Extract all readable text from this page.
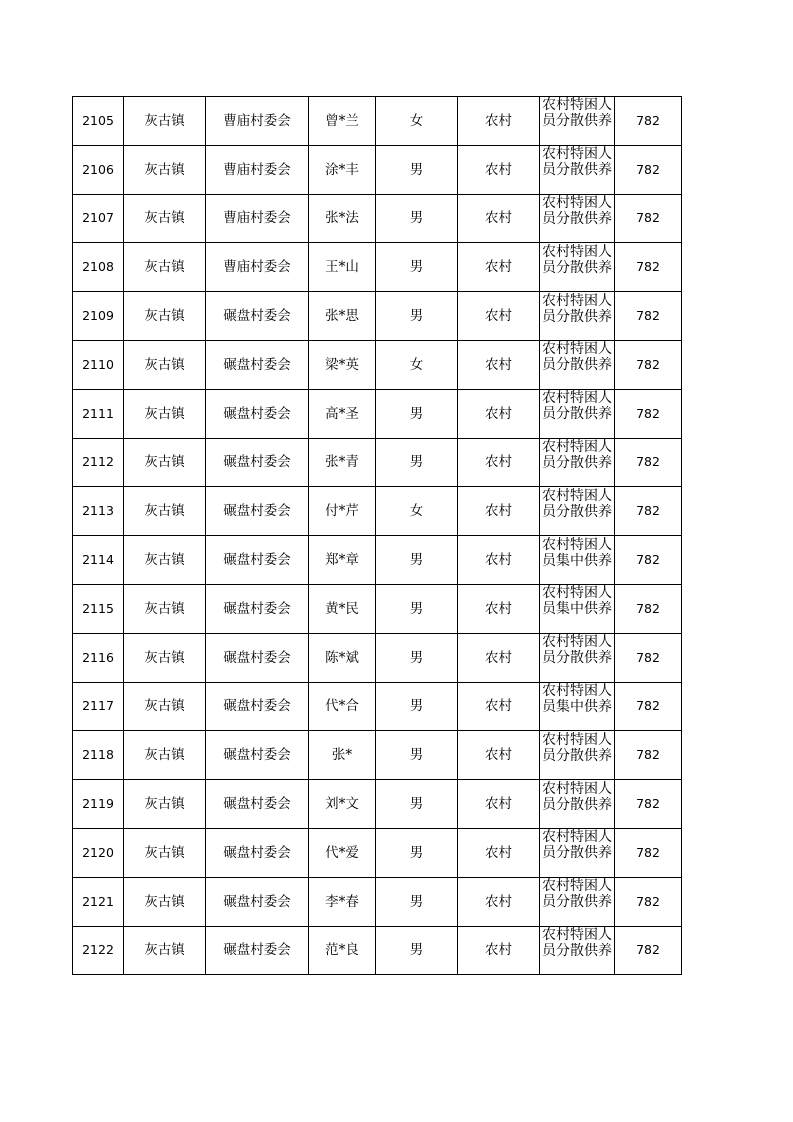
2105	灰古镇	曹庙村委会	曾*兰	女	农村	农村特困人员分散供养	782
2106	灰古镇	曹庙村委会	涂*丰	男	农村	农村特困人员分散供养	782
2107	灰古镇	曹庙村委会	张*法	男	农村	农村特困人员分散供养	782
2108	灰古镇	曹庙村委会	王*山	男	农村	农村特困人员分散供养	782
2109	灰古镇	碾盘村委会	张*思	男	农村	农村特困人员分散供养	782
2110	灰古镇	碾盘村委会	梁*英	女	农村	农村特困人员分散供养	782
2111	灰古镇	碾盘村委会	高*圣	男	农村	农村特困人员分散供养	782
2112	灰古镇	碾盘村委会	张*青	男	农村	农村特困人员分散供养	782
2113	灰古镇	碾盘村委会	付*芹	女	农村	农村特困人员分散供养	782
2114	灰古镇	碾盘村委会	郑*章	男	农村	农村特困人员集中供养	782
2115	灰古镇	碾盘村委会	黄*民	男	农村	农村特困人员集中供养	782
2116	灰古镇	碾盘村委会	陈*斌	男	农村	农村特困人员分散供养	782
2117	灰古镇	碾盘村委会	代*合	男	农村	农村特困人员集中供养	782
2118	灰古镇	碾盘村委会	张*	男	农村	农村特困人员分散供养	782
2119	灰古镇	碾盘村委会	刘*文	男	农村	农村特困人员分散供养	782
2120	灰古镇	碾盘村委会	代*爱	男	农村	农村特困人员分散供养	782
2121	灰古镇	碾盘村委会	李*春	男	农村	农村特困人员分散供养	782
2122	灰古镇	碾盘村委会	范*良	男	农村	农村特困人员分散供养	782
